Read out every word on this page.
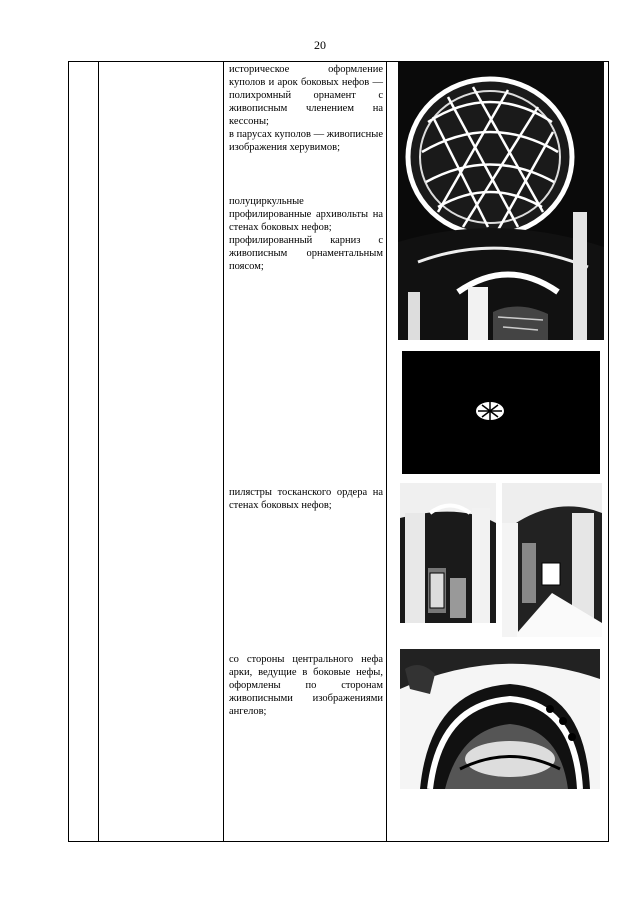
20

историческое оформление куполов и арок боковых нефов — полихромный орнамент с живописным членением на кессоны;

в парусах куполов — живописные изображения херувимов;

полуциркульные профилированные архивольты на стенах боковых нефов;

профилированный карниз с живописным орнаментальным поясом;

пилястры тосканского ордера на стенах боковых нефов;

со стороны центрального нефа арки, ведущие в боковые нефы, оформлены по сторонам живописными изображениями ангелов;
